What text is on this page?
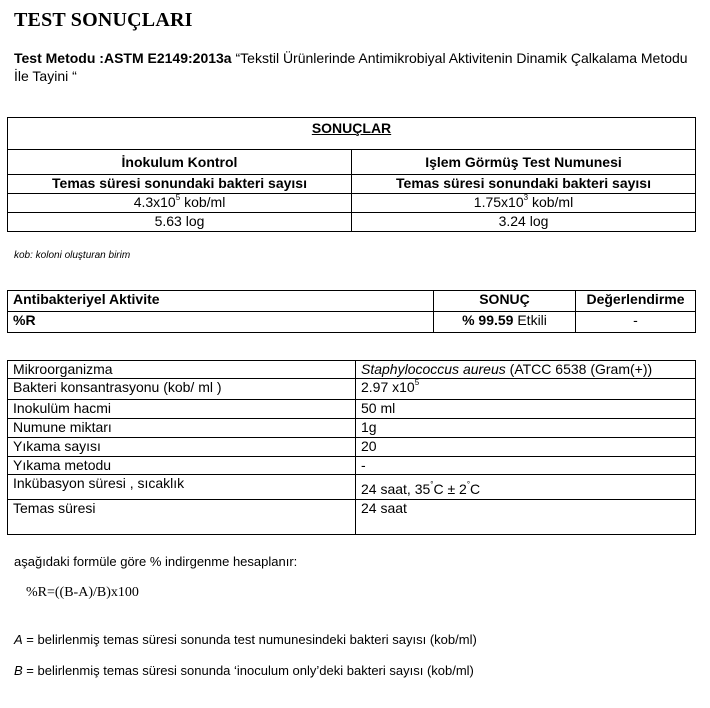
TEST SONUÇLARI
Test Metodu :ASTM E2149:2013a “Tekstil Ürünlerinde Antimikrobiyal Aktivitenin Dinamik Çalkalama Metodu İle Tayini “
SONUÇLAR	
İnokulum Kontrol	Işlem Görmüş Test Numunesi
Temas süresi sonundaki bakteri sayısı	Temas süresi sonundaki bakteri sayısı
$4.3x10^5$ kob/ml	$1.75x10^3$ kob/ml
5.63 log	3.24 log
kob: koloni oluşturan birim
Antibakteriyel Aktivite	SONUÇ	Değerlendirme
%R	% 99.59 Etkili	-
Mikroorganizma	Staphylococcus aureus (ATCC 6538 (Gram(+))
Bakteri konsantrasyonu (kob/ ml )	2.97 $x10^5$
Inokulüm hacmi	50 ml
Numune miktarı	1g
Yıkama sayısı	20
Yıkama metodu	-
Inkübasyon süresi , sıcaklık	24 saat, 35°C ± 2°C
Temas süresi	24 saat
aşağıdaki formüle göre % indirgenme hesaplanır:
%R=((B-A)/B)x100
A = belirlenmiş temas süresi sonunda test numunesindeki bakteri sayısı (kob/ml)
B = belirlenmiş temas süresi sonunda ‘inoculum only’deki bakteri sayısı (kob/ml)
